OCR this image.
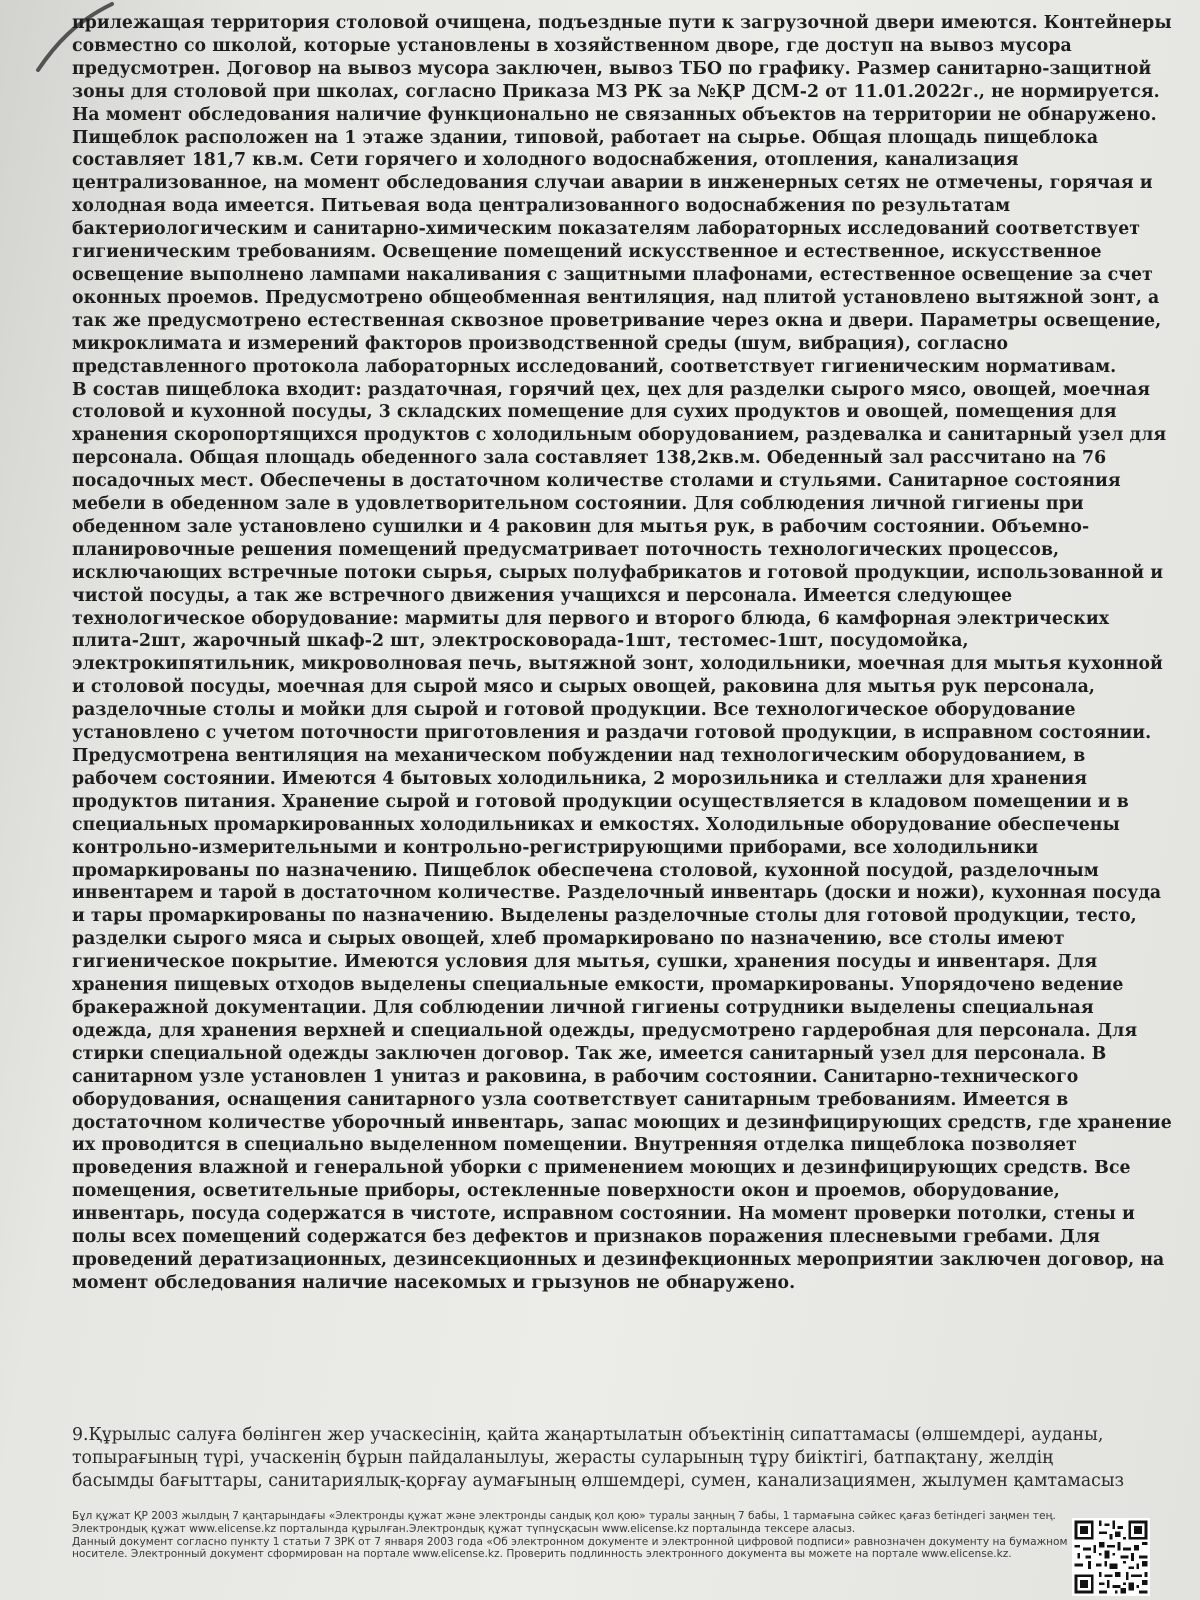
прилежащая территория столовой очищена, подъездные пути к загрузочной двери имеются. Контейнеры
совместно со школой, которые установлены в хозяйственном дворе, где доступ на вывоз мусора
предусмотрен. Договор на вывоз мусора заключен, вывоз ТБО по графику. Размер санитарно-защитной
зоны для столовой при школах, согласно Приказа МЗ РК за №ҚР ДСМ-2 от 11.01.2022г., не нормируется.
На момент обследования наличие функционально не связанных объектов на территории не обнаружено.
Пищеблок расположен на 1 этаже здании, типовой, работает на сырье. Общая площадь пищеблока
составляет 181,7 кв.м. Сети горячего и холодного водоснабжения, отопления, канализация
централизованное, на момент обследования случаи аварии в инженерных сетях не отмечены, горячая и
холодная вода имеется. Питьевая вода централизованного водоснабжения по результатам
бактериологическим и санитарно-химическим показателям лабораторных исследований соответствует
гигиеническим требованиям. Освещение помещений искусственное и естественное, искусственное
освещение выполнено лампами накаливания с защитными плафонами, естественное освещение за счет
оконных проемов. Предусмотрено общеобменная вентиляция, над плитой установлено вытяжной зонт, а
так же предусмотрено естественная сквозное проветривание через окна и двери. Параметры освещение,
микроклимата и измерений факторов производственной среды (шум, вибрация), согласно
представленного протокола лабораторных исследований, соответствует гигиеническим нормативам.
В состав пищеблока входит: раздаточная, горячий цех, цех для разделки сырого мясо, овощей, моечная
столовой и кухонной посуды, 3 складских помещение для сухих продуктов и овощей, помещения для
хранения скоропортящихся продуктов с холодильным оборудованием, раздевалка и санитарный узел для
персонала. Общая площадь обеденного зала составляет 138,2кв.м. Обеденный зал рассчитано на 76
посадочных мест. Обеспечены в достаточном количестве столами и стульями. Санитарное состояния
мебели в обеденном зале в удовлетворительном состоянии. Для соблюдения личной гигиены при
обеденном зале установлено сушилки и 4 раковин для мытья рук, в рабочим состоянии. Объемно-
планировочные решения помещений предусматривает поточность технологических процессов,
исключающих встречные потоки сырья, сырых полуфабрикатов и готовой продукции, использованной и
чистой посуды, а так же встречного движения учащихся и персонала. Имеется следующее
технологическое оборудование: мармиты для первого и второго блюда, 6 камфорная электрических
плита-2шт, жарочный шкаф-2 шт, электросковорада-1шт, тестомес-1шт, посудомойка,
электрокипятильник, микроволновая печь, вытяжной зонт, холодильники, моечная для мытья кухонной
и столовой посуды, моечная для сырой мясо и сырых овощей, раковина для мытья рук персонала,
разделочные столы и мойки для сырой и готовой продукции. Все технологическое оборудование
установлено с учетом поточности приготовления и раздачи готовой продукции, в исправном состоянии.
Предусмотрена вентиляция на механическом побуждении над технологическим оборудованием, в
рабочем состоянии. Имеются 4 бытовых холодильника, 2 морозильника и стеллажи для хранения
продуктов питания. Хранение сырой и готовой продукции осуществляется в кладовом помещении и в
специальных промаркированных холодильниках и емкостях. Холодильные оборудование обеспечены
контрольно-измерительными и контрольно-регистрирующими приборами, все холодильники
промаркированы по назначению. Пищеблок обеспечена столовой, кухонной посудой, разделочным
инвентарем и тарой в достаточном количестве. Разделочный инвентарь (доски и ножи), кухонная посуда
и тары промаркированы по назначению. Выделены разделочные столы для готовой продукции, тесто,
разделки сырого мяса и сырых овощей, хлеб промаркировано по назначению, все столы имеют
гигиеническое покрытие. Имеются условия для мытья, сушки, хранения посуды и инвентаря. Для
хранения пищевых отходов выделены специальные емкости, промаркированы. Упорядочено ведение
бракеражной документации. Для соблюдении личной гигиены сотрудники выделены специальная
одежда, для хранения верхней и специальной одежды, предусмотрено гардеробная для персонала. Для
стирки специальной одежды заключен договор. Так же, имеется санитарный узел для персонала. В
санитарном узле установлен 1 унитаз и раковина, в рабочим состоянии. Санитарно-технического
оборудования, оснащения санитарного узла соответствует санитарным требованиям. Имеется в
достаточном количестве уборочный инвентарь, запас моющих и дезинфицирующих средств, где хранение
их проводится в специально выделенном помещении. Внутренняя отделка пищеблока позволяет
проведения влажной и генеральной уборки с применением моющих и дезинфицирующих средств. Все
помещения, осветительные приборы, остекленные поверхности окон и проемов, оборудование,
инвентарь, посуда содержатся в чистоте, исправном состоянии. На момент проверки потолки, стены и
полы всех помещений содержатся без дефектов и признаков поражения плесневыми гребами. Для
проведений дератизационных, дезинсекционных и дезинфекционных мероприятии заключен договор, на
момент обследования наличие насекомых и грызунов не обнаружено.
9.Құрылыс салуға бөлінген жер учаскесінің, қайта жаңартылатын объектінің сипаттамасы (өлшемдері, ауданы,
топырағының түрі, учаскенің бұрын пайдаланылуы, жерасты суларының тұру биіктігі, батпақтану, желдің
басымды бағыттары, санитариялық-қорғау аумағының өлшемдері, сумен, канализациямен, жылумен қамтамасыз
Бұл құжат ҚР 2003 жылдың 7 қаңтарындағы «Электронды құжат және электронды сандық қол қою» туралы заңның 7 бабы, 1 тармағына сәйкес қағаз бетіндегі заңмен тең.
Электрондық құжат www.elicense.kz порталында құрылған.Электрондық құжат түпнұсқасын www.elicense.kz порталында тексере аласыз.
Данный документ согласно пункту 1 статьи 7 ЗРК от 7 января 2003 года «Об электронном документе и электронной цифровой подписи» равнозначен документу на бумажном
носителе. Электронный документ сформирован на портале www.elicense.kz. Проверить подлинность электронного документа вы можете на портале www.elicense.kz.
